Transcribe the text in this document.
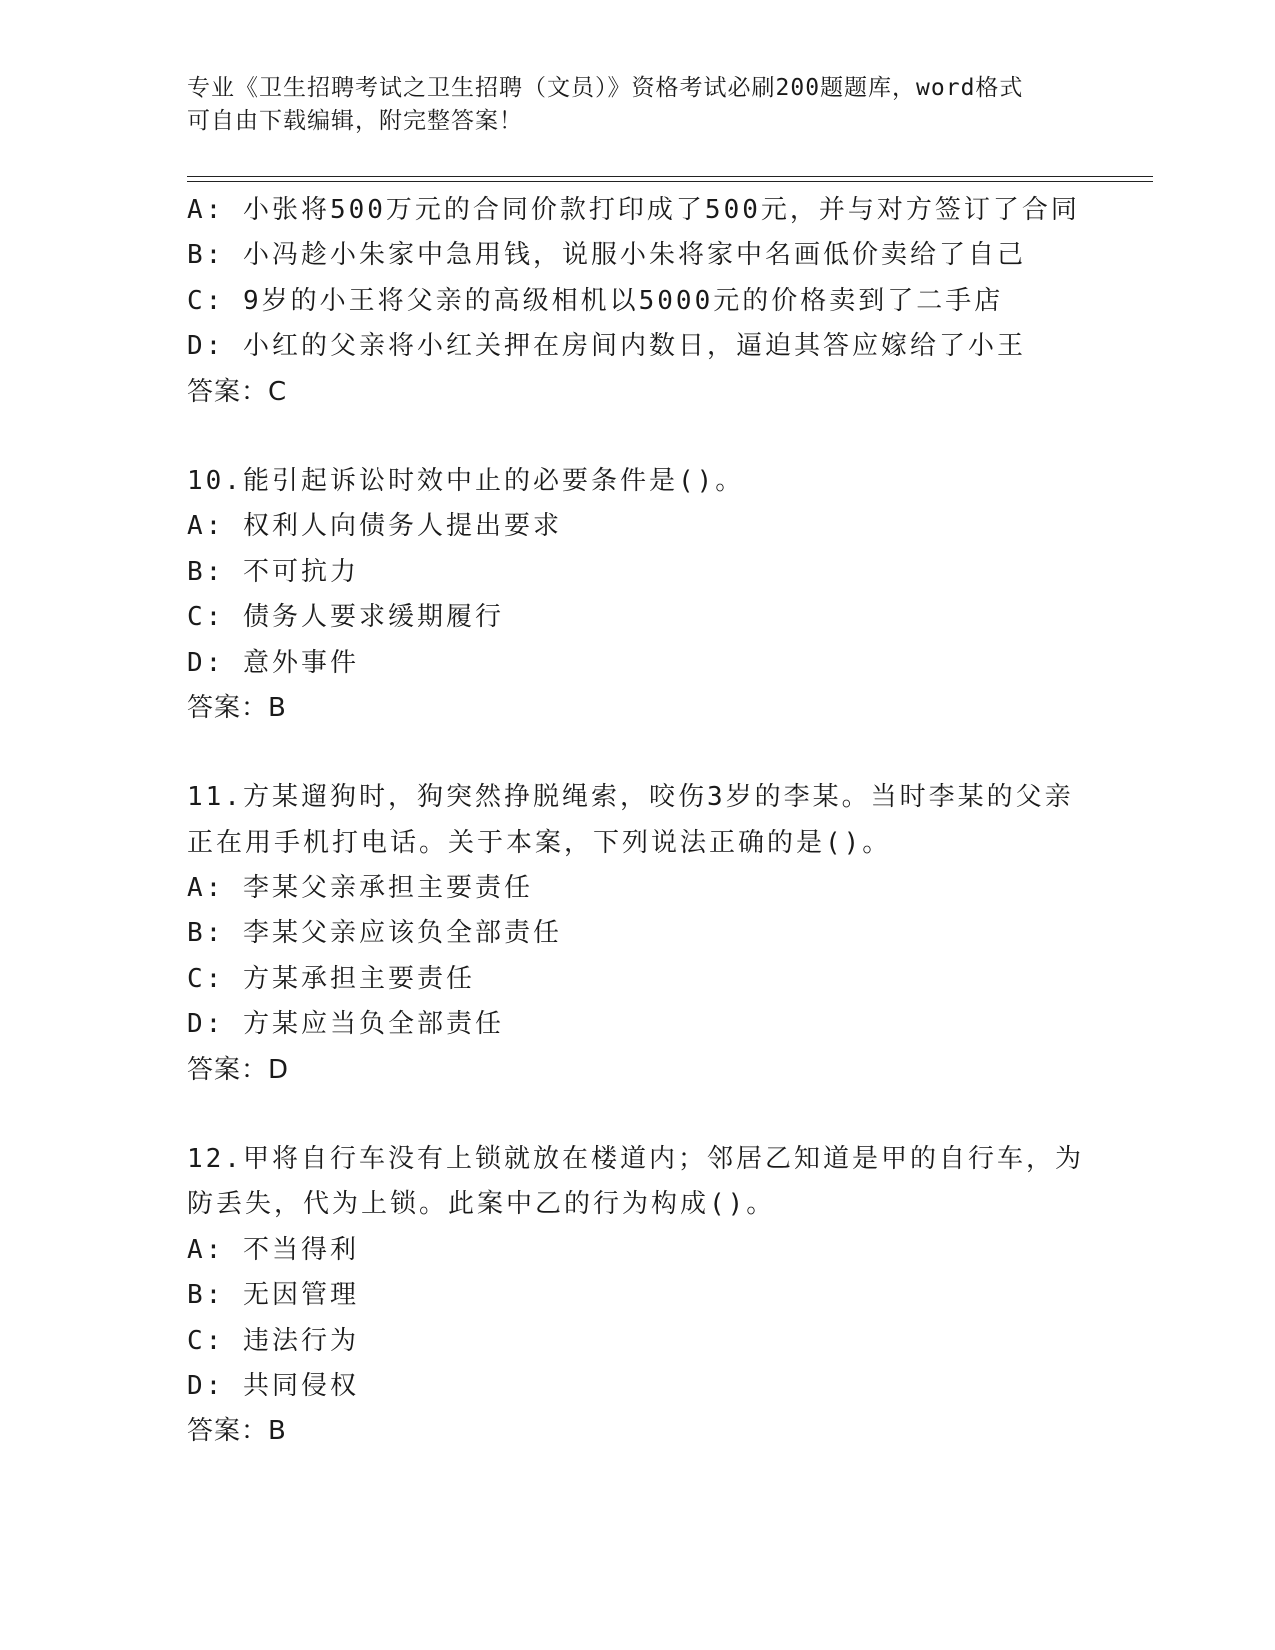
专业《卫生招聘考试之卫生招聘（文员）》资格考试必刷200题题库，word格式
可自由下载编辑，附完整答案！
A: 小张将500万元的合同价款打印成了500元，并与对方签订了合同
B: 小冯趁小朱家中急用钱，说服小朱将家中名画低价卖给了自己
C: 9岁的小王将父亲的高级相机以5000元的价格卖到了二手店
D: 小红的父亲将小红关押在房间内数日，逼迫其答应嫁给了小王
答案：C
10.能引起诉讼时效中止的必要条件是()。
A: 权利人向债务人提出要求
B: 不可抗力
C: 债务人要求缓期履行
D: 意外事件
答案：B
11.方某遛狗时，狗突然挣脱绳索，咬伤3岁的李某。当时李某的父亲
正在用手机打电话。关于本案，下列说法正确的是()。
A: 李某父亲承担主要责任
B: 李某父亲应该负全部责任
C: 方某承担主要责任
D: 方某应当负全部责任
答案：D
12.甲将自行车没有上锁就放在楼道内；邻居乙知道是甲的自行车，为
防丢失，代为上锁。此案中乙的行为构成()。
A: 不当得利
B: 无因管理
C: 违法行为
D: 共同侵权
答案：B
